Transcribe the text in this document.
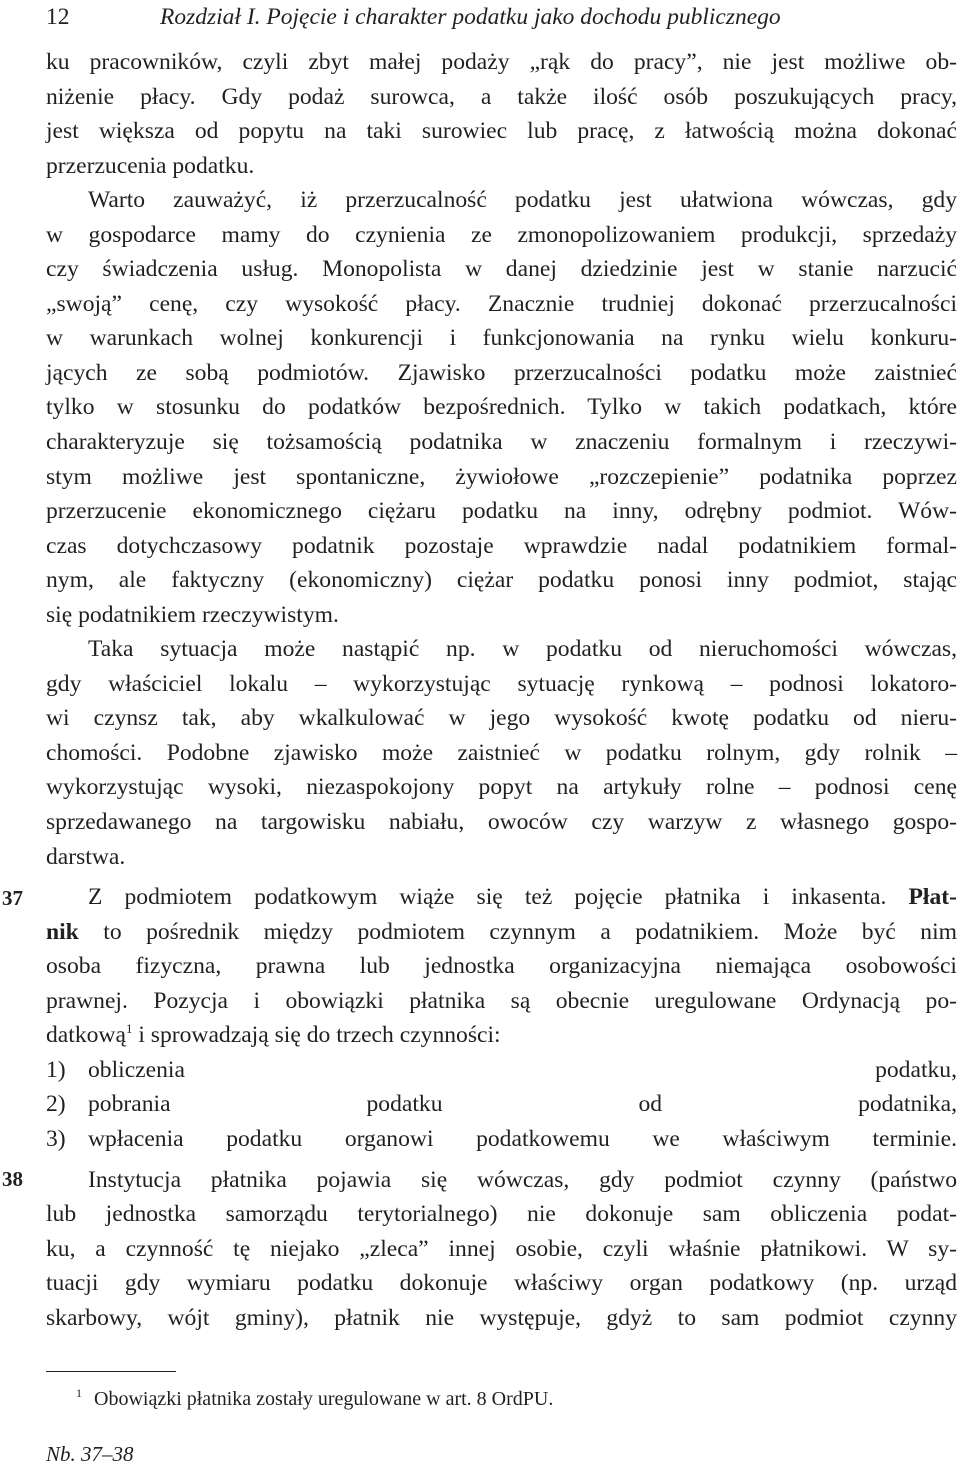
12	Rozdział I. Pojęcie i charakter podatku jako dochodu publicznego
37
38
ku pracowników, czyli zbyt małej podaży „rąk do pracy”, nie jest możliwe ob-
niżenie płacy. Gdy podaż surowca, a także ilość osób poszukujących pracy,
jest większa od popytu na taki surowiec lub pracę, z łatwością można dokonać
przerzucenia podatku.
Warto zauważyć, iż przerzucalność podatku jest ułatwiona wówczas, gdy
w gospodarce mamy do czynienia ze zmonopolizowaniem produkcji, sprzedaży
czy świadczenia usług. Monopolista w danej dziedzinie jest w stanie narzucić
„swoją” cenę, czy wysokość płacy. Znacznie trudniej dokonać przerzucalności
w warunkach wolnej konkurencji i funkcjonowania na rynku wielu konkuru-
jących ze sobą podmiotów. Zjawisko przerzucalności podatku może zaistnieć
tylko w stosunku do podatków bezpośrednich. Tylko w takich podatkach, które
charakteryzuje się tożsamością podatnika w znaczeniu formalnym i rzeczywi-
stym możliwe jest spontaniczne, żywiołowe „rozczepienie” podatnika poprzez
przerzucenie ekonomicznego ciężaru podatku na inny, odrębny podmiot. Wów-
czas dotychczasowy podatnik pozostaje wprawdzie nadal podatnikiem formal-
nym, ale faktyczny (ekonomiczny) ciężar podatku ponosi inny podmiot, stając
się podatnikiem rzeczywistym.
Taka sytuacja może nastąpić np. w podatku od nieruchomości wówczas,
gdy właściciel lokalu – wykorzystując sytuację rynkową – podnosi lokatoro-
wi czynsz tak, aby wkalkulować w jego wysokość kwotę podatku od nieru-
chomości. Podobne zjawisko może zaistnieć w podatku rolnym, gdy rolnik –
wykorzystując wysoki, niezaspokojony popyt na artykuły rolne – podnosi cenę
sprzedawanego na targowisku nabiału, owoców czy warzyw z własnego gospo-
darstwa.
Z podmiotem podatkowym wiąże się też pojęcie płatnika i inkasenta. Płat-
nik to pośrednik między podmiotem czynnym a podatnikiem. Może być nim
osoba fizyczna, prawna lub jednostka organizacyjna niemająca osobowości
prawnej. Pozycja i obowiązki płatnika są obecnie uregulowane Ordynacją po-
datkową$^1$ i sprowadzają się do trzech czynności:
1) obliczenia podatku,
2) pobrania podatku od podatnika,
3) wpłacenia podatku organowi podatkowemu we właściwym terminie.
Instytucja płatnika pojawia się wówczas, gdy podmiot czynny (państwo
lub jednostka samorządu terytorialnego) nie dokonuje sam obliczenia podat-
ku, a czynność tę niejako „zleca” innej osobie, czyli właśnie płatnikowi. W sy-
tuacji gdy wymiaru podatku dokonuje właściwy organ podatkowy (np. urząd
skarbowy, wójt gminy), płatnik nie występuje, gdyż to sam podmiot czynny
$^1$ Obowiązki płatnika zostały uregulowane w art. 8 OrdPU.
Nb. 37–38
